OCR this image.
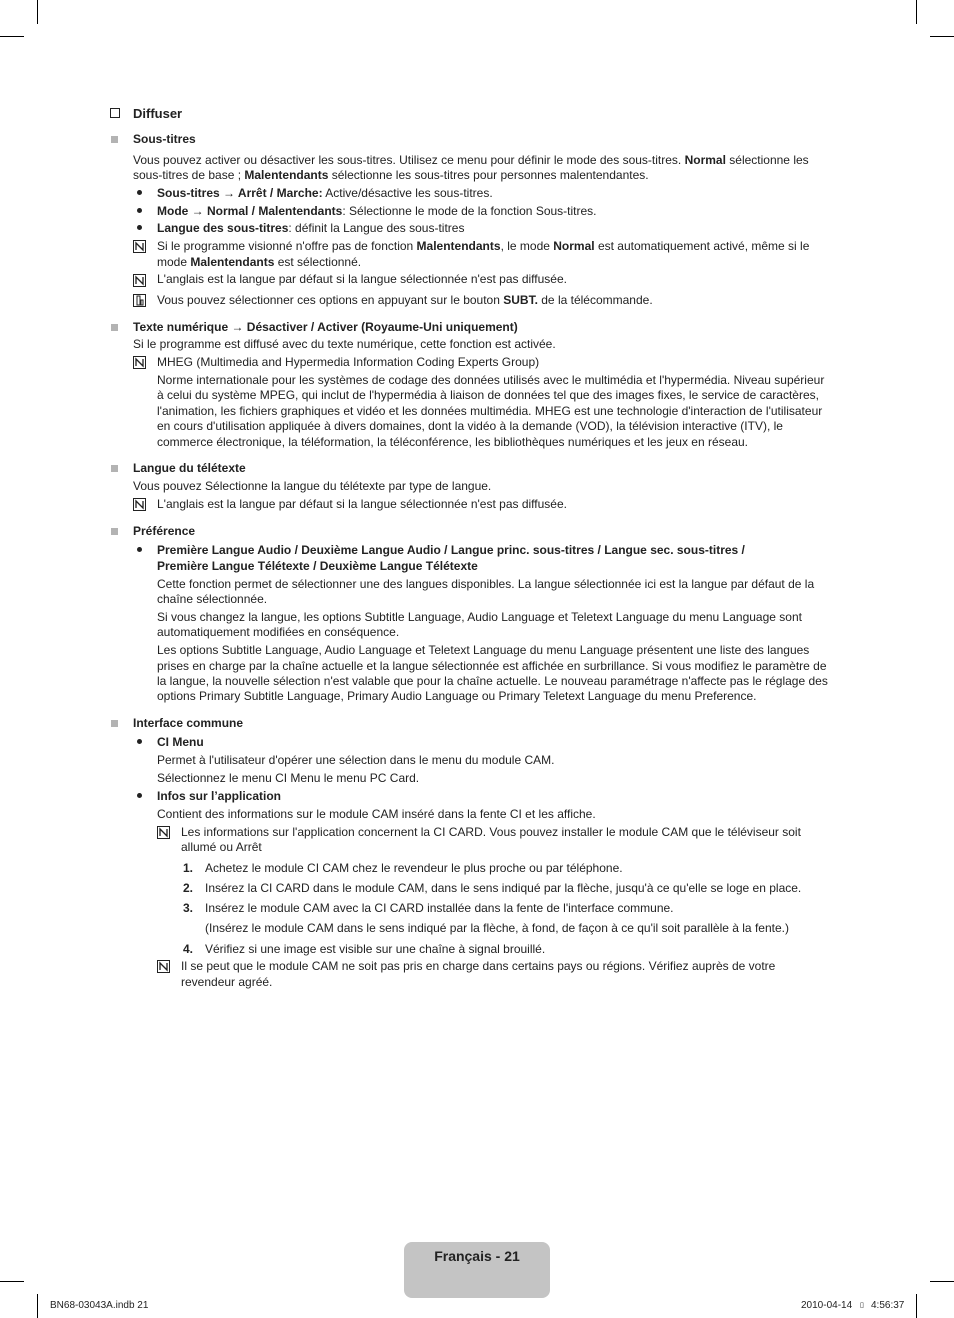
Diffuser
Sous-titres
Vous pouvez activer ou désactiver les sous-titres. Utilisez ce menu pour définir le mode des sous-titres. Normal sélectionne les
sous-titres de base ; Malentendants sélectionne les sous-titres pour personnes malentendantes.
Sous-titres → Arrêt / Marche: Active/désactive les sous-titres.
Mode → Normal / Malentendants: Sélectionne le mode de la fonction Sous-titres.
Langue des sous-titres: définit la Langue des sous-titres
Si le programme visionné n'offre pas de fonction Malentendants, le mode Normal est automatiquement activé, même si le
mode Malentendants est sélectionné.
L'anglais est la langue par défaut si la langue sélectionnée n'est pas diffusée.
Vous pouvez sélectionner ces options en appuyant sur le bouton SUBT. de la télécommande.
Texte numérique → Désactiver / Activer (Royaume-Uni uniquement)
Si le programme est diffusé avec du texte numérique, cette fonction est activée.
MHEG (Multimedia and Hypermedia Information Coding Experts Group)
Norme internationale pour les systèmes de codage des données utilisés avec le multimédia et l'hypermédia. Niveau supérieur
à celui du système MPEG, qui inclut de l'hypermédia à liaison de données tel que des images fixes, le service de caractères,
l'animation, les fichiers graphiques et vidéo et les données multimédia. MHEG est une technologie d'interaction de l'utilisateur
en cours d'utilisation appliquée à divers domaines, dont la vidéo à la demande (VOD), la télévision interactive (ITV), le
commerce électronique, la téléformation, la téléconférence, les bibliothèques numériques et les jeux en réseau.
Langue du télétexte
Vous pouvez Sélectionne la langue du télétexte par type de langue.
L'anglais est la langue par défaut si la langue sélectionnée n'est pas diffusée.
Préférence
Première Langue Audio / Deuxième Langue Audio / Langue princ. sous-titres / Langue sec. sous-titres /
Première Langue Télétexte / Deuxième Langue Télétexte
Cette fonction permet de sélectionner une des langues disponibles. La langue sélectionnée ici est la langue par défaut de la
chaîne sélectionnée.
Si vous changez la langue, les options Subtitle Language, Audio Language et Teletext Language du menu Language sont
automatiquement modifiées en conséquence.
Les options Subtitle Language, Audio Language et Teletext Language du menu Language présentent une liste des langues
prises en charge par la chaîne actuelle et la langue sélectionnée est affichée en surbrillance. Si vous modifiez le paramètre de
la langue, la nouvelle sélection n'est valable que pour la chaîne actuelle. Le nouveau paramétrage n'affecte pas le réglage des
options Primary Subtitle Language, Primary Audio Language ou Primary Teletext Language du menu Preference.
Interface commune
CI Menu
Permet à l'utilisateur d'opérer une sélection dans le menu du module CAM.
Sélectionnez le menu CI Menu le menu PC Card.
Infos sur l’application
Contient des informations sur le module CAM inséré dans la fente CI et les affiche.
Les informations sur l'application concernent la CI CARD. Vous pouvez installer le module CAM que le téléviseur soit
allumé ou Arrêt
1. Achetez le module CI CAM chez le revendeur le plus proche ou par téléphone.
2. Insérez la CI CARD dans le module CAM, dans le sens indiqué par la flèche, jusqu'à ce qu'elle se loge en place.
3. Insérez le module CAM avec la CI CARD installée dans la fente de l'interface commune.
(Insérez le module CAM dans le sens indiqué par la flèche, à fond, de façon à ce qu'il soit parallèle à la fente.)
4. Vérifiez si une image est visible sur une chaîne à signal brouillé.
Il se peut que le module CAM ne soit pas pris en charge dans certains pays ou régions. Vérifiez auprès de votre
revendeur agréé.
Français - 21
BN68-03043A.indb 21	2010-04-14 ▯ 4:56:37
